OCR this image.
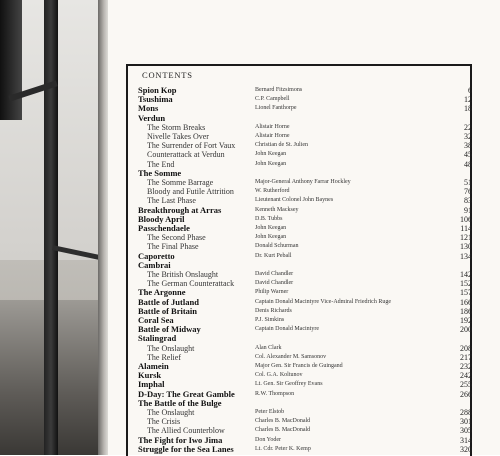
CONTENTS
Spion Kop	Bernard Fitzsimons	6
Tsushima	C.P. Campbell	12
Mons	Lionel Fanthorpe	18
Verdun
The Storm Breaks	Alistair Horne	22
Nivelle Takes Over	Alistair Horne	32
The Surrender of Fort Vaux	Christian de St. Julien	38
Counterattack at Verdun	John Keegan	45
The End	John Keegan	48
The Somme
The Somme Barrage	Major-General Anthony Farrar Hockley	51
Bloody and Futile Attrition	W. Rutherford	76
The Last Phase	Lieutenant Colonel John Baynes	83
Breakthrough at Arras	Kenneth Macksey	91
Bloody April	D.B. Tubbs	106
Passchendaele	John Keegan	114
The Second Phase	John Keegan	121
The Final Phase	Donald Schurman	130
Caporetto	Dr. Kurt Peball	134
Cambrai
The British Onslaught	David Chandler	142
The German Counterattack	David Chandler	152
The Argonne	Philip Warner	157
Battle of Jutland	Captain Donald Macintyre Vice-Admiral Friedrich Ruge	166
Battle of Britain	Denis Richards	186
Coral Sea	P.J. Simkins	192
Battle of Midway	Captain Donald Macintyre	200
Stalingrad
The Onslaught	Alan Clark	208
The Relief	Col. Alexander M. Samsonov	217
Alamein	Major Gen. Sir Francis de Guingand	232
Kursk	Col. G.A. Koltunov	242
Imphal	Lt. Gen. Sir Geoffrey Evans	255
D-Day: The Great Gamble	R.W. Thompson	266
The Battle of the Bulge
The Onslaught	Peter Elstob	288
The Crisis	Charles B. MacDonald	301
The Allied Counterblow	Charles B. MacDonald	305
The Fight for Iwo Jima	Don Yoder	314
Struggle for the Sea Lanes	Lt. Cdr. Peter K. Kemp	320
